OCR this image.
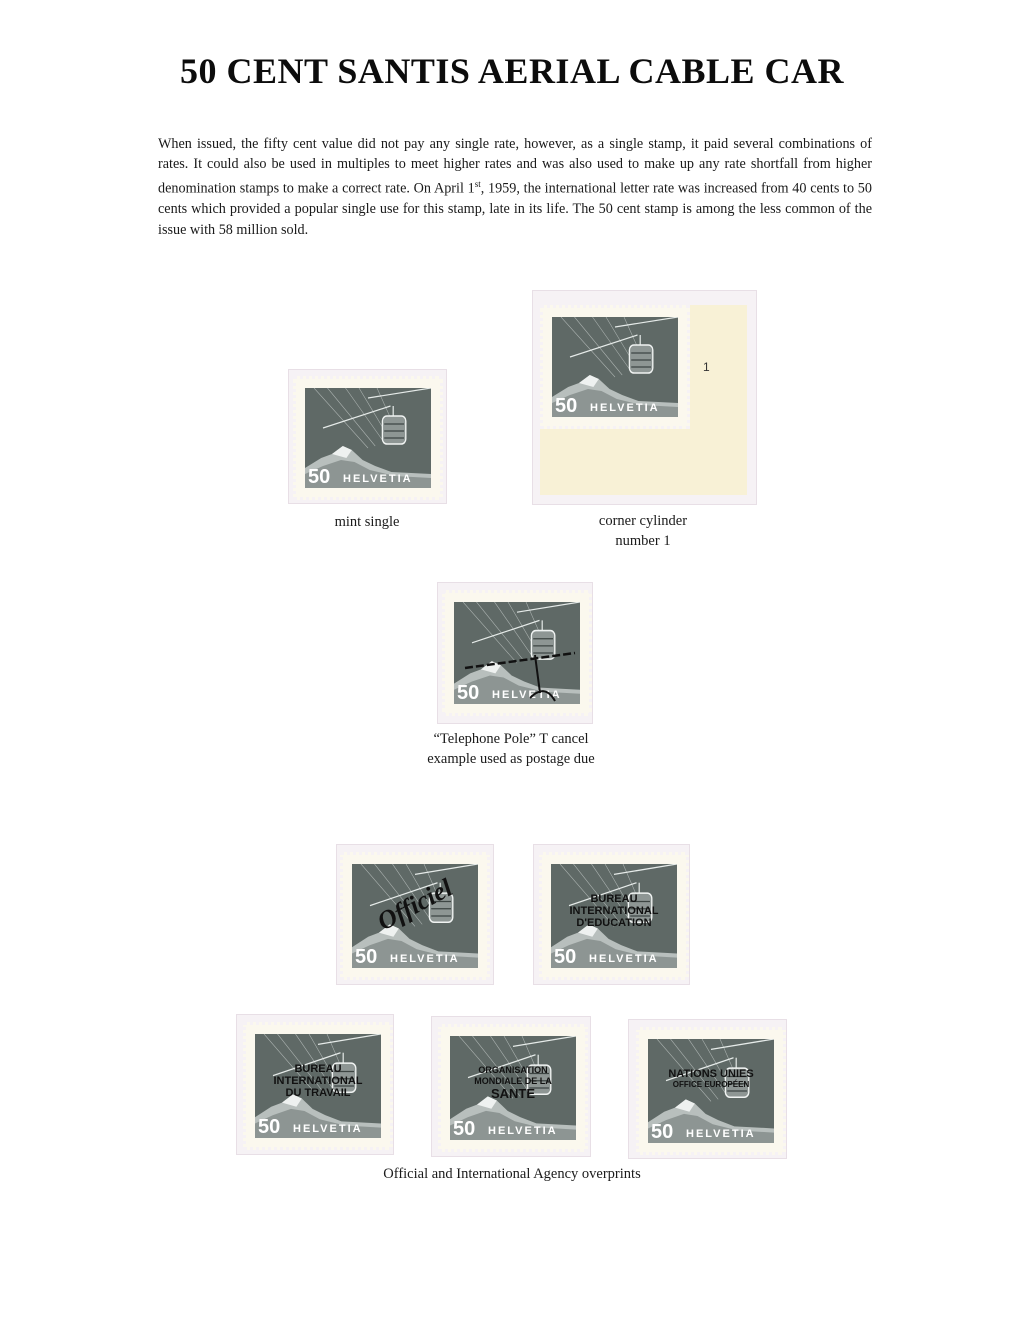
50 CENT SANTIS AERIAL CABLE CAR

When issued, the fifty cent value did not pay any single rate, however, as a single stamp, it paid several combinations of rates. It could also be used in multiples to meet higher rates and was also used to make up any rate shortfall from higher denomination stamps to make a correct rate. On April 1st, 1959, the international letter rate was increased from 40 cents to 50 cents which provided a popular single use for this stamp, late in its life. The 50 cent stamp is among the less common of the issue with 58 million sold.

50 HELVETIA
mint single
50 HELVETIA
1
corner cylinder
number 1
50 HELVETIA
“Telephone Pole” T cancel
example used as postage due
50 HELVETIA
Officiel
50 HELVETIA
BUREAU
INTERNATIONAL
D'EDUCATION
50 HELVETIA
BUREAU
INTERNATIONAL
DU TRAVAIL
50 HELVETIA
ORGANISATION
MONDIALE DE LA
SANTE
50 HELVETIA
NATIONS UNIES
OFFICE EUROPÉEN
Official and International Agency overprints
